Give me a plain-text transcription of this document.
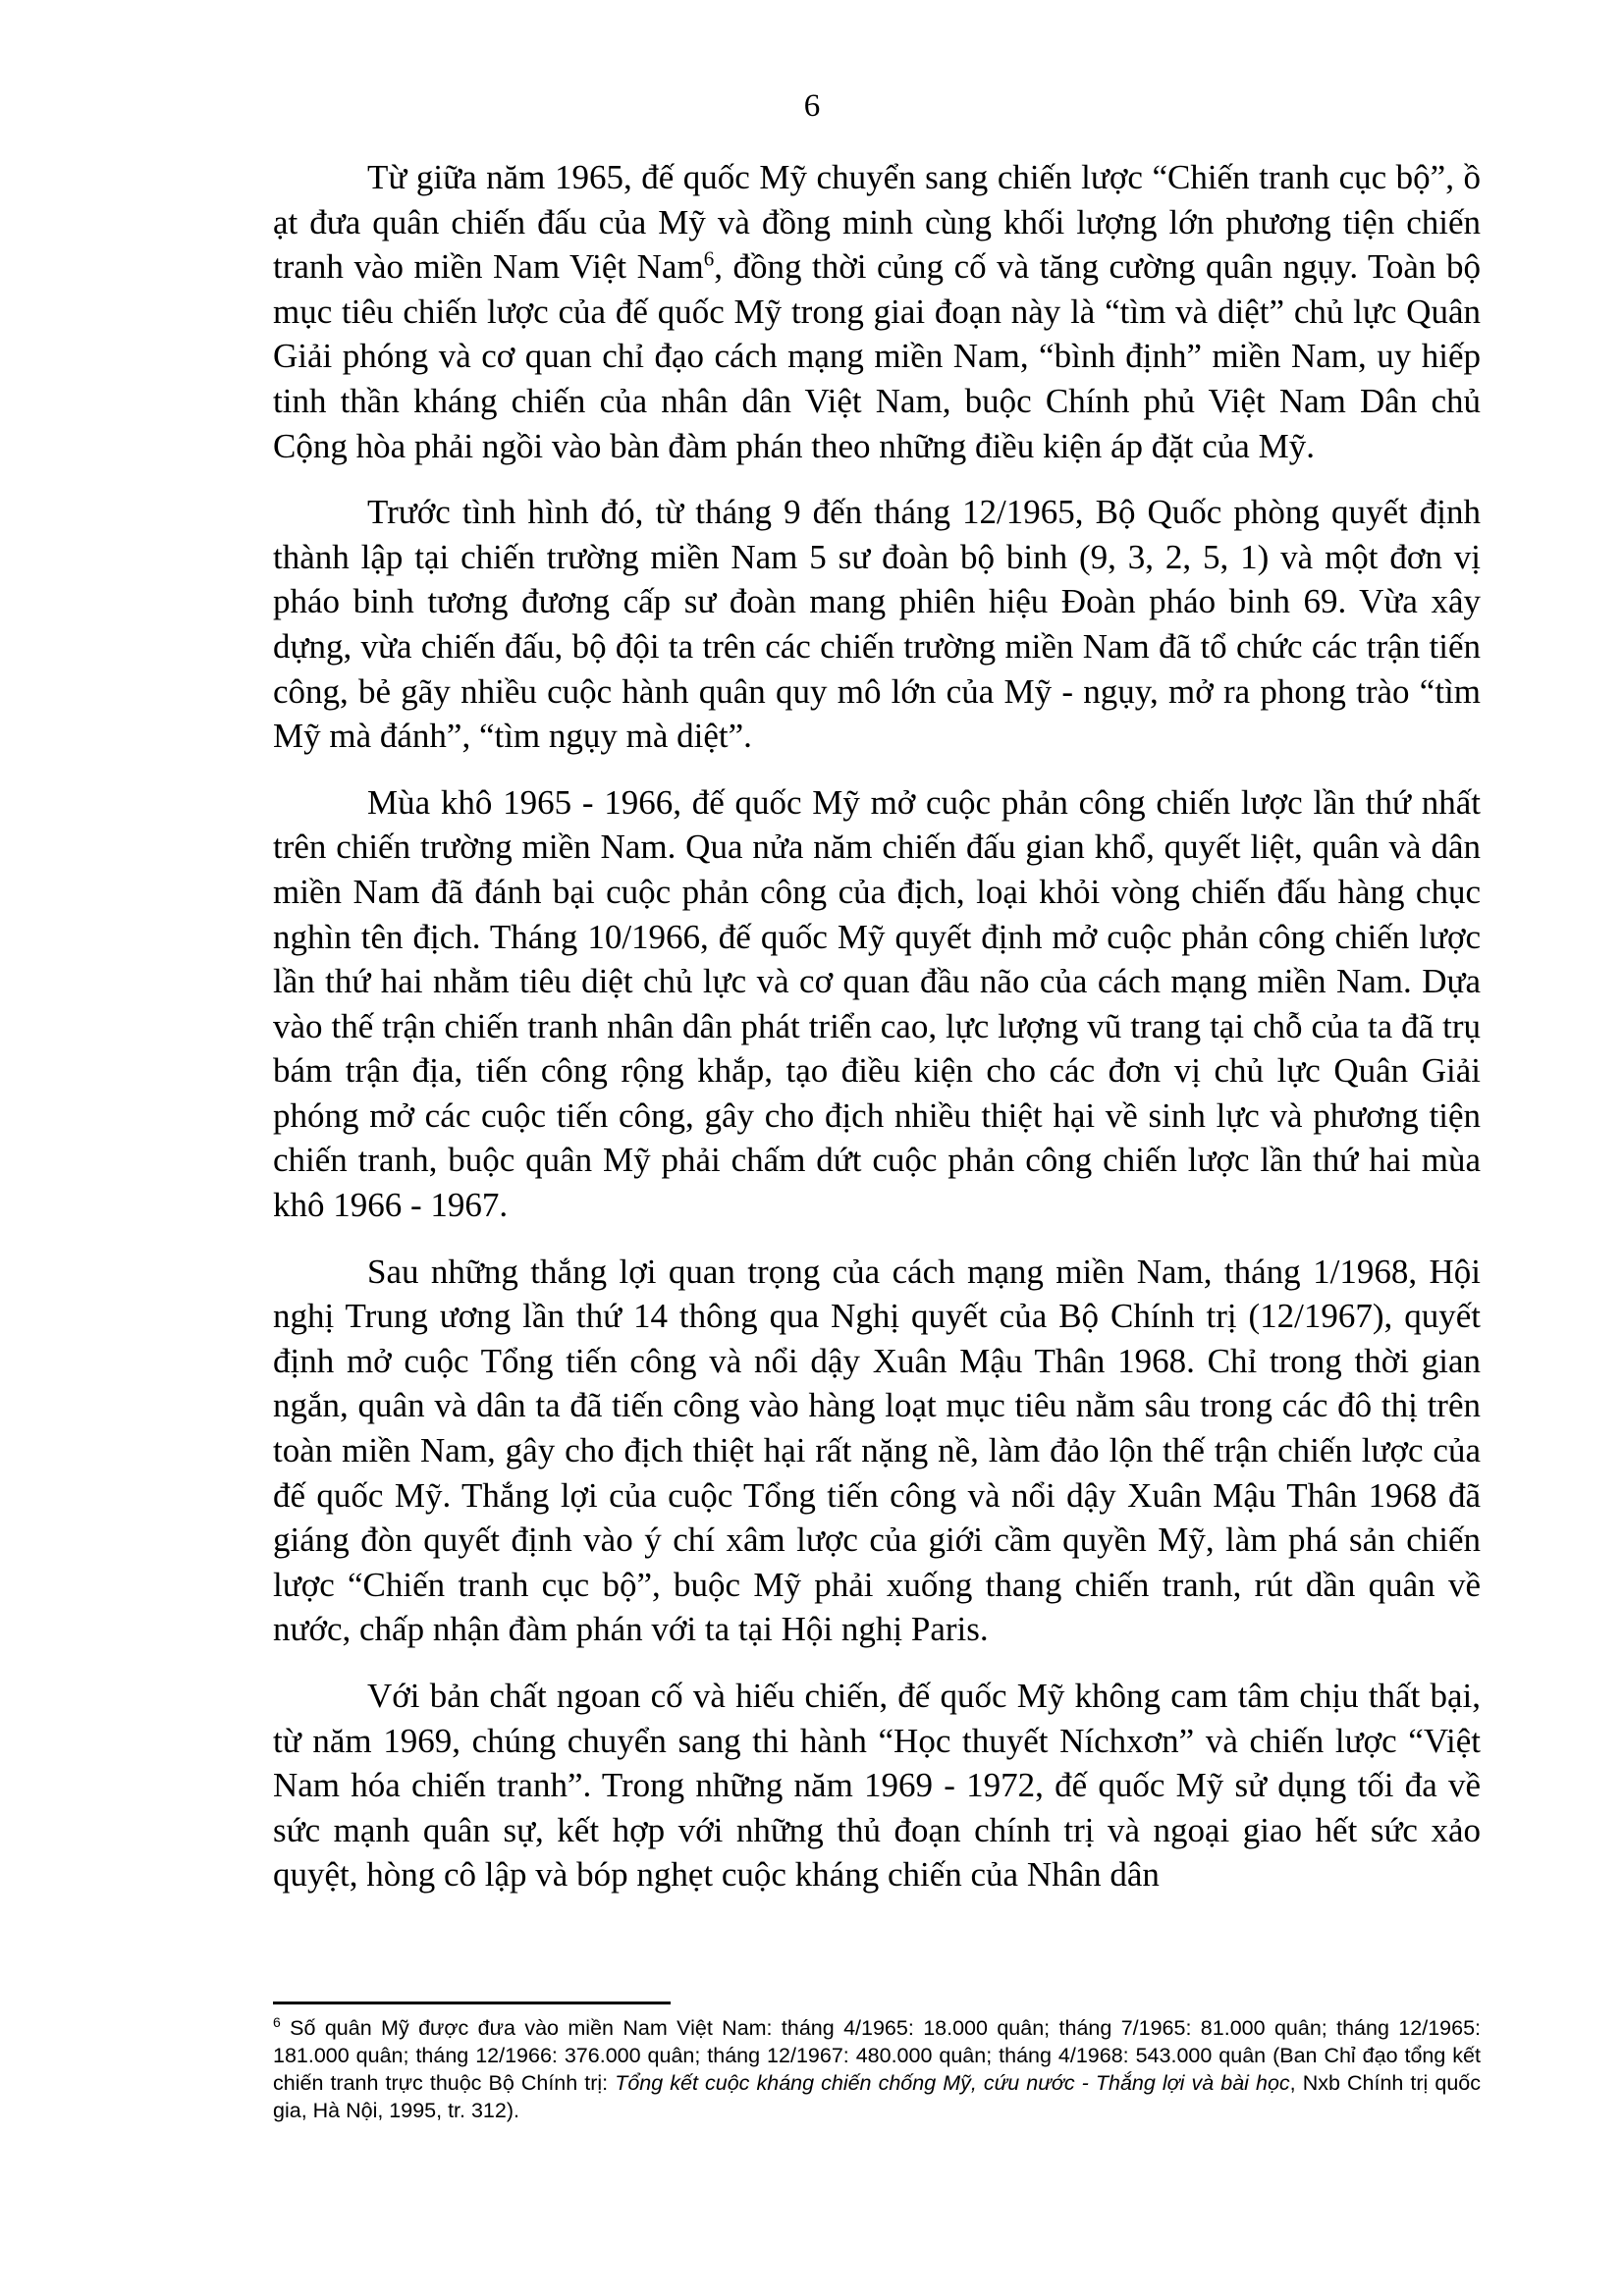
6

Từ giữa năm 1965, đế quốc Mỹ chuyển sang chiến lược “Chiến tranh cục bộ”, ồ ạt đưa quân chiến đấu của Mỹ và đồng minh cùng khối lượng lớn phương tiện chiến tranh vào miền Nam Việt Nam$^6$, đồng thời củng cố và tăng cường quân ngụy. Toàn bộ mục tiêu chiến lược của đế quốc Mỹ trong giai đoạn này là “tìm và diệt” chủ lực Quân Giải phóng và cơ quan chỉ đạo cách mạng miền Nam, “bình định” miền Nam, uy hiếp tinh thần kháng chiến của nhân dân Việt Nam, buộc Chính phủ Việt Nam Dân chủ Cộng hòa phải ngồi vào bàn đàm phán theo những điều kiện áp đặt của Mỹ.

Trước tình hình đó, từ tháng 9 đến tháng 12/1965, Bộ Quốc phòng quyết định thành lập tại chiến trường miền Nam 5 sư đoàn bộ binh (9, 3, 2, 5, 1) và một đơn vị pháo binh tương đương cấp sư đoàn mang phiên hiệu Đoàn pháo binh 69. Vừa xây dựng, vừa chiến đấu, bộ đội ta trên các chiến trường miền Nam đã tổ chức các trận tiến công, bẻ gãy nhiều cuộc hành quân quy mô lớn của Mỹ - ngụy, mở ra phong trào “tìm Mỹ mà đánh”, “tìm ngụy mà diệt”.

Mùa khô 1965 - 1966, đế quốc Mỹ mở cuộc phản công chiến lược lần thứ nhất trên chiến trường miền Nam. Qua nửa năm chiến đấu gian khổ, quyết liệt, quân và dân miền Nam đã đánh bại cuộc phản công của địch, loại khỏi vòng chiến đấu hàng chục nghìn tên địch. Tháng 10/1966, đế quốc Mỹ quyết định mở cuộc phản công chiến lược lần thứ hai nhằm tiêu diệt chủ lực và cơ quan đầu não của cách mạng miền Nam. Dựa vào thế trận chiến tranh nhân dân phát triển cao, lực lượng vũ trang tại chỗ của ta đã trụ bám trận địa, tiến công rộng khắp, tạo điều kiện cho các đơn vị chủ lực Quân Giải phóng mở các cuộc tiến công, gây cho địch nhiều thiệt hại về sinh lực và phương tiện chiến tranh, buộc quân Mỹ phải chấm dứt cuộc phản công chiến lược lần thứ hai mùa khô 1966 - 1967.

Sau những thắng lợi quan trọng của cách mạng miền Nam, tháng 1/1968, Hội nghị Trung ương lần thứ 14 thông qua Nghị quyết của Bộ Chính trị (12/1967), quyết định mở cuộc Tổng tiến công và nổi dậy Xuân Mậu Thân 1968. Chỉ trong thời gian ngắn, quân và dân ta đã tiến công vào hàng loạt mục tiêu nằm sâu trong các đô thị trên toàn miền Nam, gây cho địch thiệt hại rất nặng nề, làm đảo lộn thế trận chiến lược của đế quốc Mỹ. Thắng lợi của cuộc Tổng tiến công và nổi dậy Xuân Mậu Thân 1968 đã giáng đòn quyết định vào ý chí xâm lược của giới cầm quyền Mỹ, làm phá sản chiến lược “Chiến tranh cục bộ”, buộc Mỹ phải xuống thang chiến tranh, rút dần quân về nước, chấp nhận đàm phán với ta tại Hội nghị Paris.

Với bản chất ngoan cố và hiếu chiến, đế quốc Mỹ không cam tâm chịu thất bại, từ năm 1969, chúng chuyển sang thi hành “Học thuyết Níchxơn” và chiến lược “Việt Nam hóa chiến tranh”. Trong những năm 1969 - 1972, đế quốc Mỹ sử dụng tối đa về sức mạnh quân sự, kết hợp với những thủ đoạn chính trị và ngoại giao hết sức xảo quyệt, hòng cô lập và bóp nghẹt cuộc kháng chiến của Nhân dân

$^6$ Số quân Mỹ được đưa vào miền Nam Việt Nam: tháng 4/1965: 18.000 quân; tháng 7/1965: 81.000 quân; tháng 12/1965: 181.000 quân; tháng 12/1966: 376.000 quân; tháng 12/1967: 480.000 quân; tháng 4/1968: 543.000 quân (Ban Chỉ đạo tổng kết chiến tranh trực thuộc Bộ Chính trị: Tổng kết cuộc kháng chiến chống Mỹ, cứu nước - Thắng lợi và bài học, Nxb Chính trị quốc gia, Hà Nội, 1995, tr. 312).
